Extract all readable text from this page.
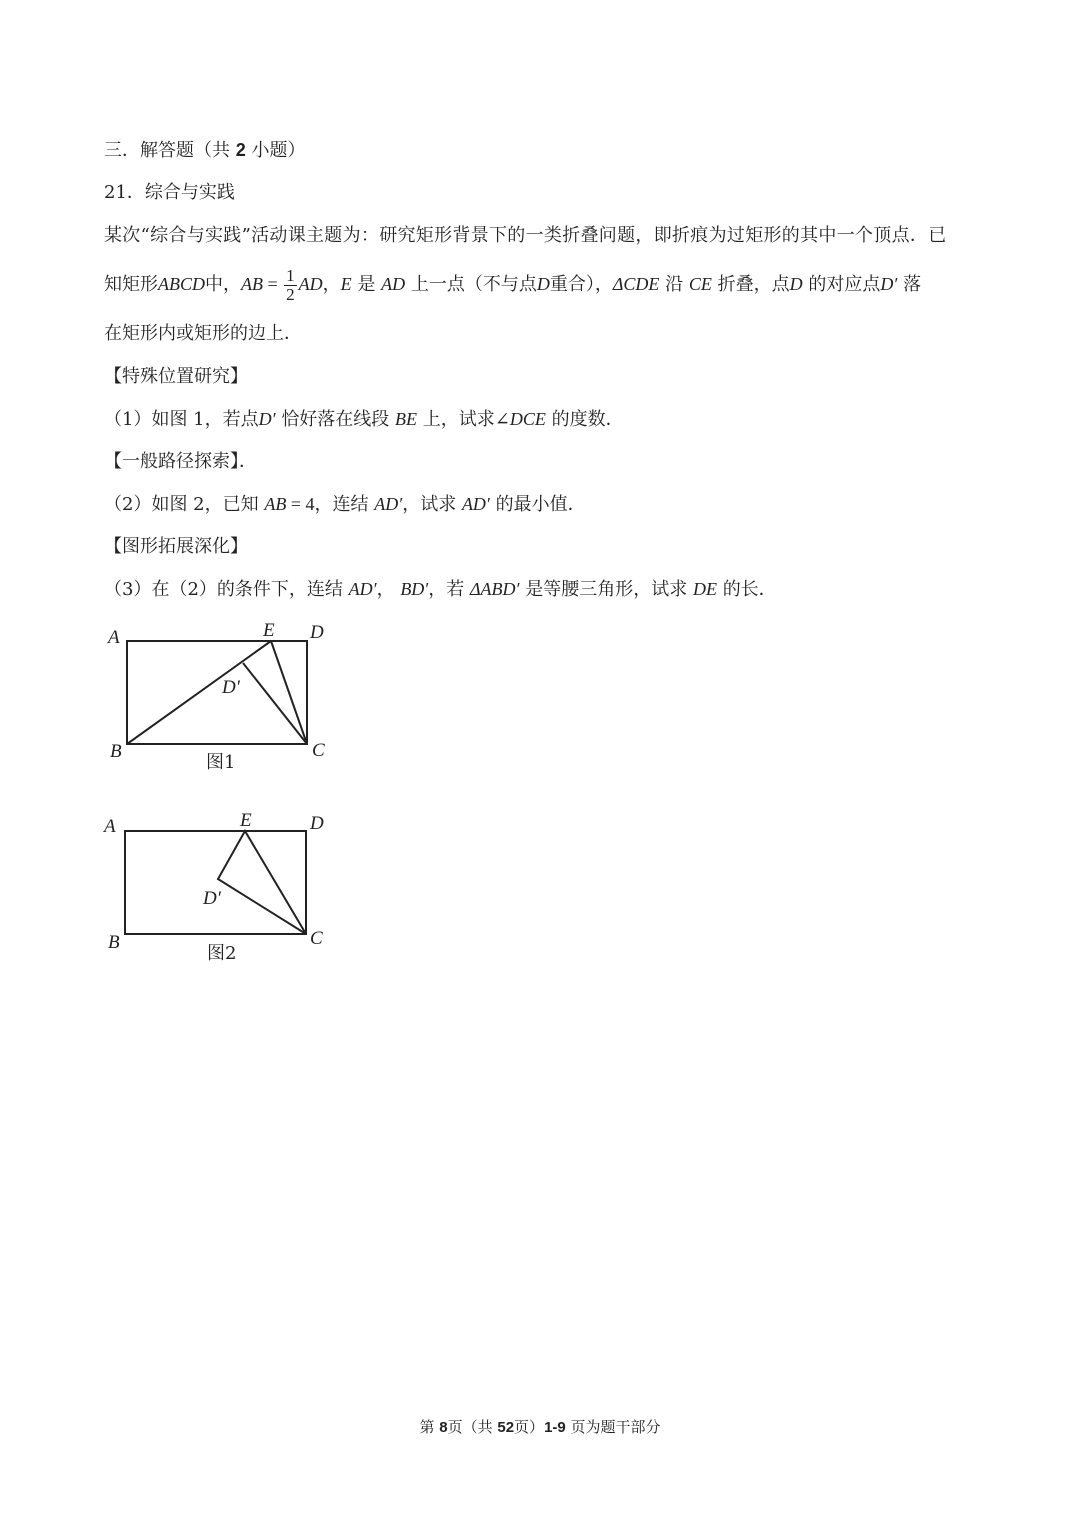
三．解答题（共 2 小题）
21．综合与实践
某次“综合与实践”活动课主题为：研究矩形背景下的一类折叠问题，即折痕为过矩形的其中一个顶点．已
知矩形ABCD中，AB = $\frac{1}{2}$ AD，E 是 AD 上一点（不与点D重合），ΔCDE 沿 CE 折叠，点D 的对应点D′ 落
在矩形内或矩形的边上．
【特殊位置研究】
（1）如图 1，若点D′ 恰好落在线段 BE 上，试求∠DCE 的度数．
【一般路径探索】．
（2）如图 2，已知 AB = 4，连结 AD′，试求 AD′ 的最小值．
【图形拓展深化】
（3）在（2）的条件下，连结 AD′， BD′，若 ΔABD′ 是等腰三角形，试求 DE 的长．
A	E D
D′
B	C
图1
A	E	D
D′
B	C
图2
第 8页（共 52页）1-9 页为题干部分
